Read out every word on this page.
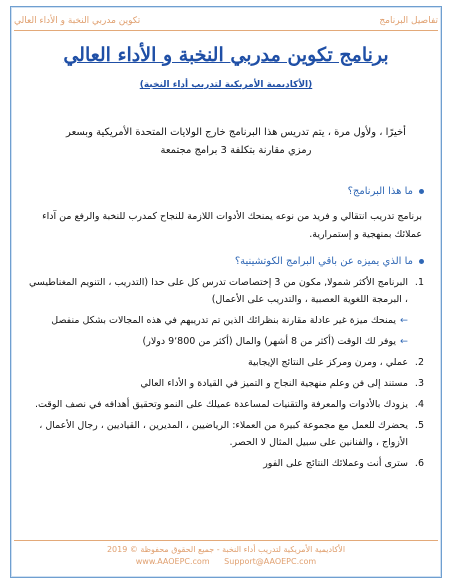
تفاصيل البرنامج
تكوين مدربي النخبة و الأداء العالي
برنامج تكوين مدربي النخبة و الأداء العالي
(الأكاديمية الأمريكية لتدريب أداء النخبة)
أخيرًا ، ولأول مرة ، يتم تدريس هذا البرنامج خارج الولايات المتحدة الأمريكية وبسعر رمزي مقارنة بتكلفة 3 برامج مجتمعة
ما هذا البرنامج؟
برنامج تدريب انتقالي و فريد من نوعه يمنحك الأدوات اللازمة للنجاح كمدرب للنخبة والرفع من آداء عملائك بمنهجية و إستمرارية.
ما الذي يميزه عن باقي البرامج الكوتشينية؟
1.
البرنامج الأكثر شمولا, مكون من 3 إختصاصات تدرس كل على حدا (التدريب ، التنويم المغناطيسي ، البرمجة اللغوية العصبية ، والتدريب على الأعمال)
←
يمنحك ميزة غير عادلة مقارنة بنظرائك الذين تم تدريبهم في هذه المجالات بشكل منفصل
←
يوفر لك الوقت (أكثر من 8 أشهر) والمال (أكثر من 9٬800 دولار)
2.
عملي ، ومرن ومركز على النتائج الإيجابية
3.
مستند إلى فن وعلم منهجية النجاح و التميز في القيادة و الأداء العالي
4.
يزودك بالأدوات والمعرفة والتقنيات لمساعدة عميلك على النمو وتحقيق أهدافه في نصف الوقت.
5.
يحضرك للعمل مع مجموعة كبيرة من العملاء: الرياضيين ، المديرين ، القياديين ، رجال الأعمال ، الأزواج ، والفنانين على سبيل المثال لا الحصر.
6.
سترى أنت وعملائك النتائج على الفور
الأكاديمية الأمريكية لتدريب أداء النخبة - جميع الحقوق محفوظة © 2019
www.AAOEPC.com Support@AAOEPC.com
